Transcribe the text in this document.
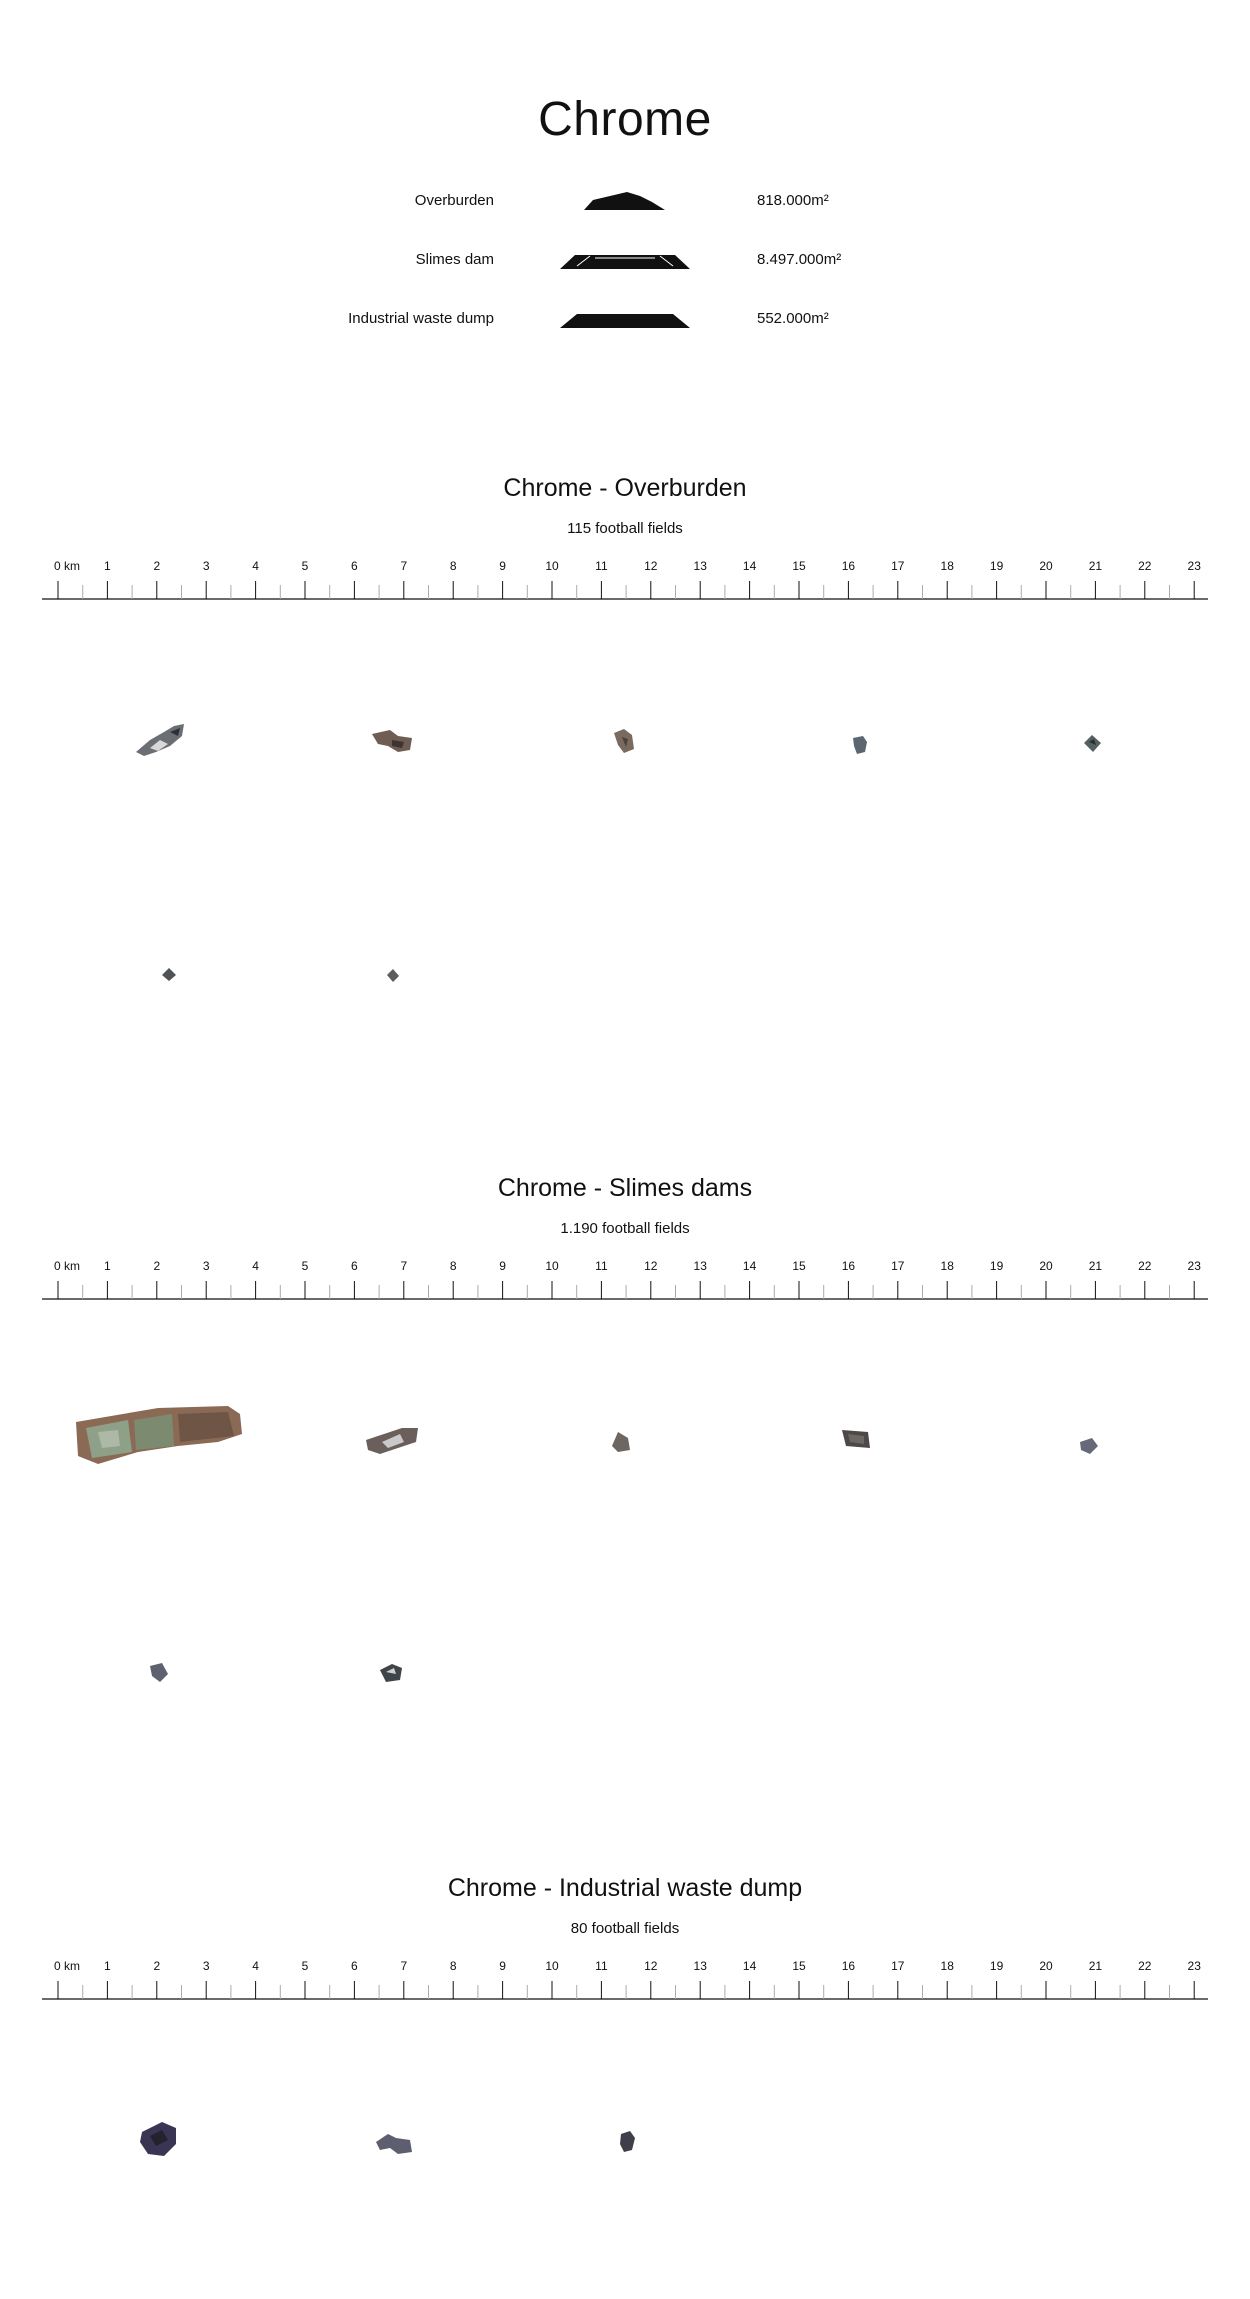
Chrome
Overburden	818.000m²
Slimes dam	8.497.000m²
Industrial waste dump	552.000m²
Chrome - Overburden
115 football fields
0 km 1	2	3	4	5	6	7	8	9	10	11	12	13	14	15	16	17	18	19	20	21	22	23
Chrome - Slimes dams
1.190 football fields
0 km 1	2	3	4	5	6	7	8	9	10	11	12	13	14	15	16	17	18	19	20	21	22	23
Chrome - Industrial waste dump
80 football fields
0 km 1	2	3	4	5	6	7	8	9	10	11	12	13	14	15	16	17	18	19	20	21	22	23
